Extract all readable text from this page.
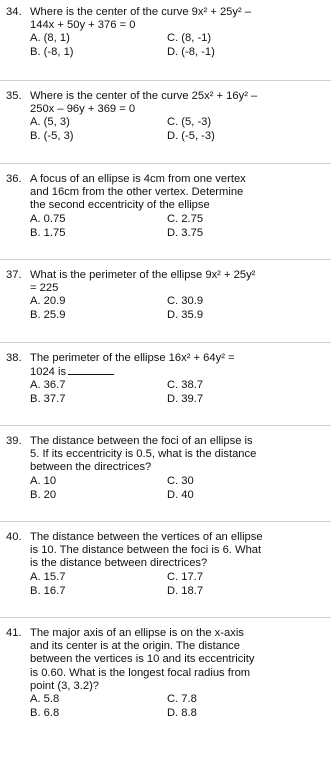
34. Where is the center of the curve 9x² + 25y² –
144x + 50y + 376 = 0
A. (8, 1)	C. (8, -1)
B. (-8, 1)	D. (-8, -1)
35. Where is the center of the curve 25x² + 16y² –
250x – 96y + 369 = 0
A. (5, 3)	C. (5, -3)
B. (-5, 3)	D. (-5, -3)
36. A focus of an ellipse is 4cm from one vertex
and 16cm from the other vertex. Determine
the second eccentricity of the ellipse
A. 0.75	C. 2.75
B. 1.75	D. 3.75
37. What is the perimeter of the ellipse 9x² + 25y²
= 225
A. 20.9	C. 30.9
B. 25.9	D. 35.9
38. The perimeter of the ellipse 16x² + 64y² =
1024 is
A. 36.7	C. 38.7
B. 37.7	D. 39.7
39. The distance between the foci of an ellipse is
5. If its eccentricity is 0.5, what is the distance
between the directrices?
A. 10	C. 30
B. 20	D. 40
40. The distance between the vertices of an ellipse
is 10. The distance between the foci is 6. What
is the distance between directrices?
A. 15.7	C. 17.7
B. 16.7	D. 18.7
41. The major axis of an ellipse is on the x-axis
and its center is at the origin. The distance
between the vertices is 10 and its eccentricity
is 0.60. What is the longest focal radius from
point (3, 3.2)?
A. 5.8	C. 7.8
B. 6.8	D. 8.8
